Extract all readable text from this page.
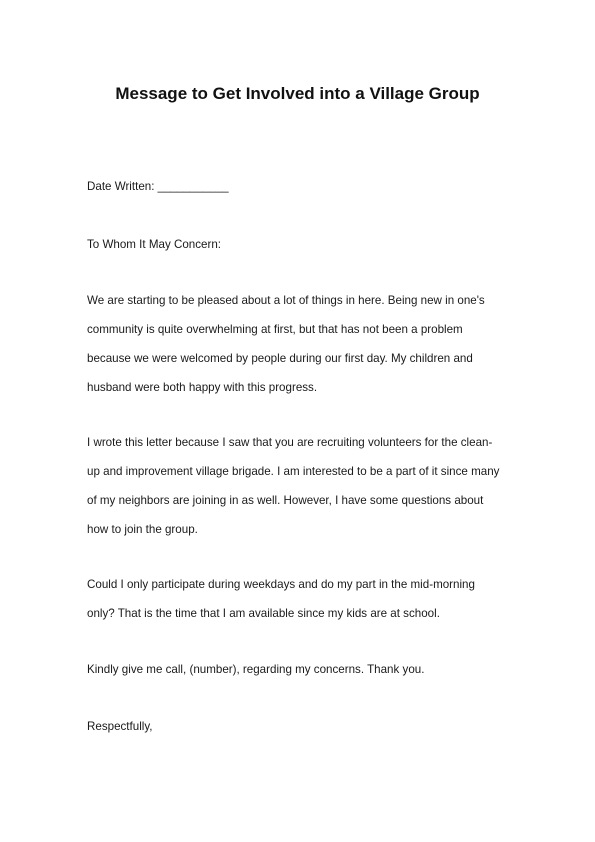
Message to Get Involved into a Village Group

Date Written: ___________

To Whom It May Concern:

We are starting to be pleased about a lot of things in here. Being new in one's

community is quite overwhelming at first, but that has not been a problem

because we were welcomed by people during our first day. My children and

husband were both happy with this progress.

I wrote this letter because I saw that you are recruiting volunteers for the clean-

up and improvement village brigade. I am interested to be a part of it since many

of my neighbors are joining in as well. However, I have some questions about

how to join the group.

Could I only participate during weekdays and do my part in the mid-morning

only? That is the time that I am available since my kids are at school.

Kindly give me call, (number), regarding my concerns. Thank you.

Respectfully,
